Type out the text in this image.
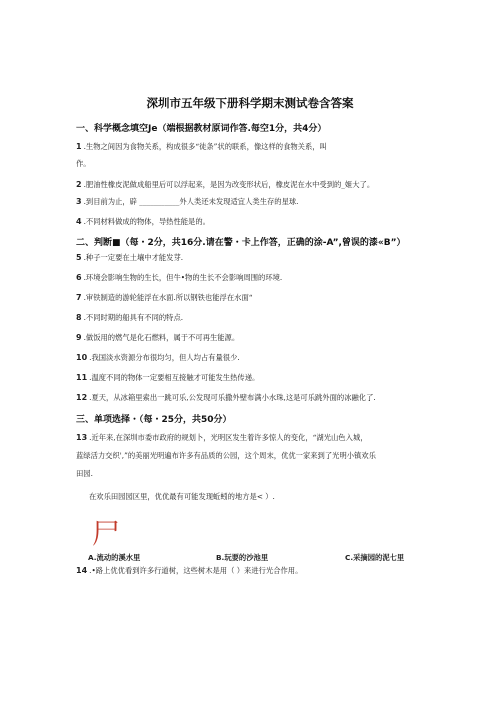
深圳市五年级下册科学期末测试卷含答案
一、科学概念填空Je（端根据教材原词作答.每空1分，共4分）
1 .生物之间因为食物关系，构成很多“徒条”状的联系，像这样的食物关系，叫
作。
2 .肥油性橡皮泥做成船里后可以浮起来，是因为改变形状后，橡皮泥在水中受到的_姬大了。
3 .到目前为止，辟 ___________外人类还未发现适宜人类生存的星球.
4 .不同材料做成的物体，导热性能是的。
二、判断■（每・2分，共16分.请在警・卡上作答，正确的涂-A”,曾误的漆«B”）
5 .种子一定要在土壤中才能发芽.
6 .环境会影响生物的生长，但牛•物的生长不会影响周围的环境.
7 .审铁制造的游轮能浮在水面.所以钢铁也能浮在水面“
8 .不同时期的船具有不同的特点.
9 .做饭用的燃气是化石燃料，属于不可再生能源。
10 .我国淡水资源分布很均匀，但人均占有量很少.
11 .温度不同的物体一定要相互接触才可能发生热传递。
12 .夏天，从冰箱里索出一跳可乐,公发现可乐撒外壁布满小水珠,这是可乐跳外面的冰融化了.
三、单项选择・（每・25分，共50分）
13 .近年来,在深圳市委市政府的规划卜，光明区发生着许多惊人的变化，“湖光山色入城，
蓝绿活力交织',”的美丽光明遍布许多有品质的公园，这个周末，优优一家来到了光明小镇欢乐
田园.
在欢乐田园园区里，优优最有可能发现蚯蚓的地方是< ）.
尸
A.流动的溪水里	B.玩要的沙池里	C.采摘园的泥七里
14 .•路上优优看到许多行道树，这些树木是用（ ）来进行光合作用。
